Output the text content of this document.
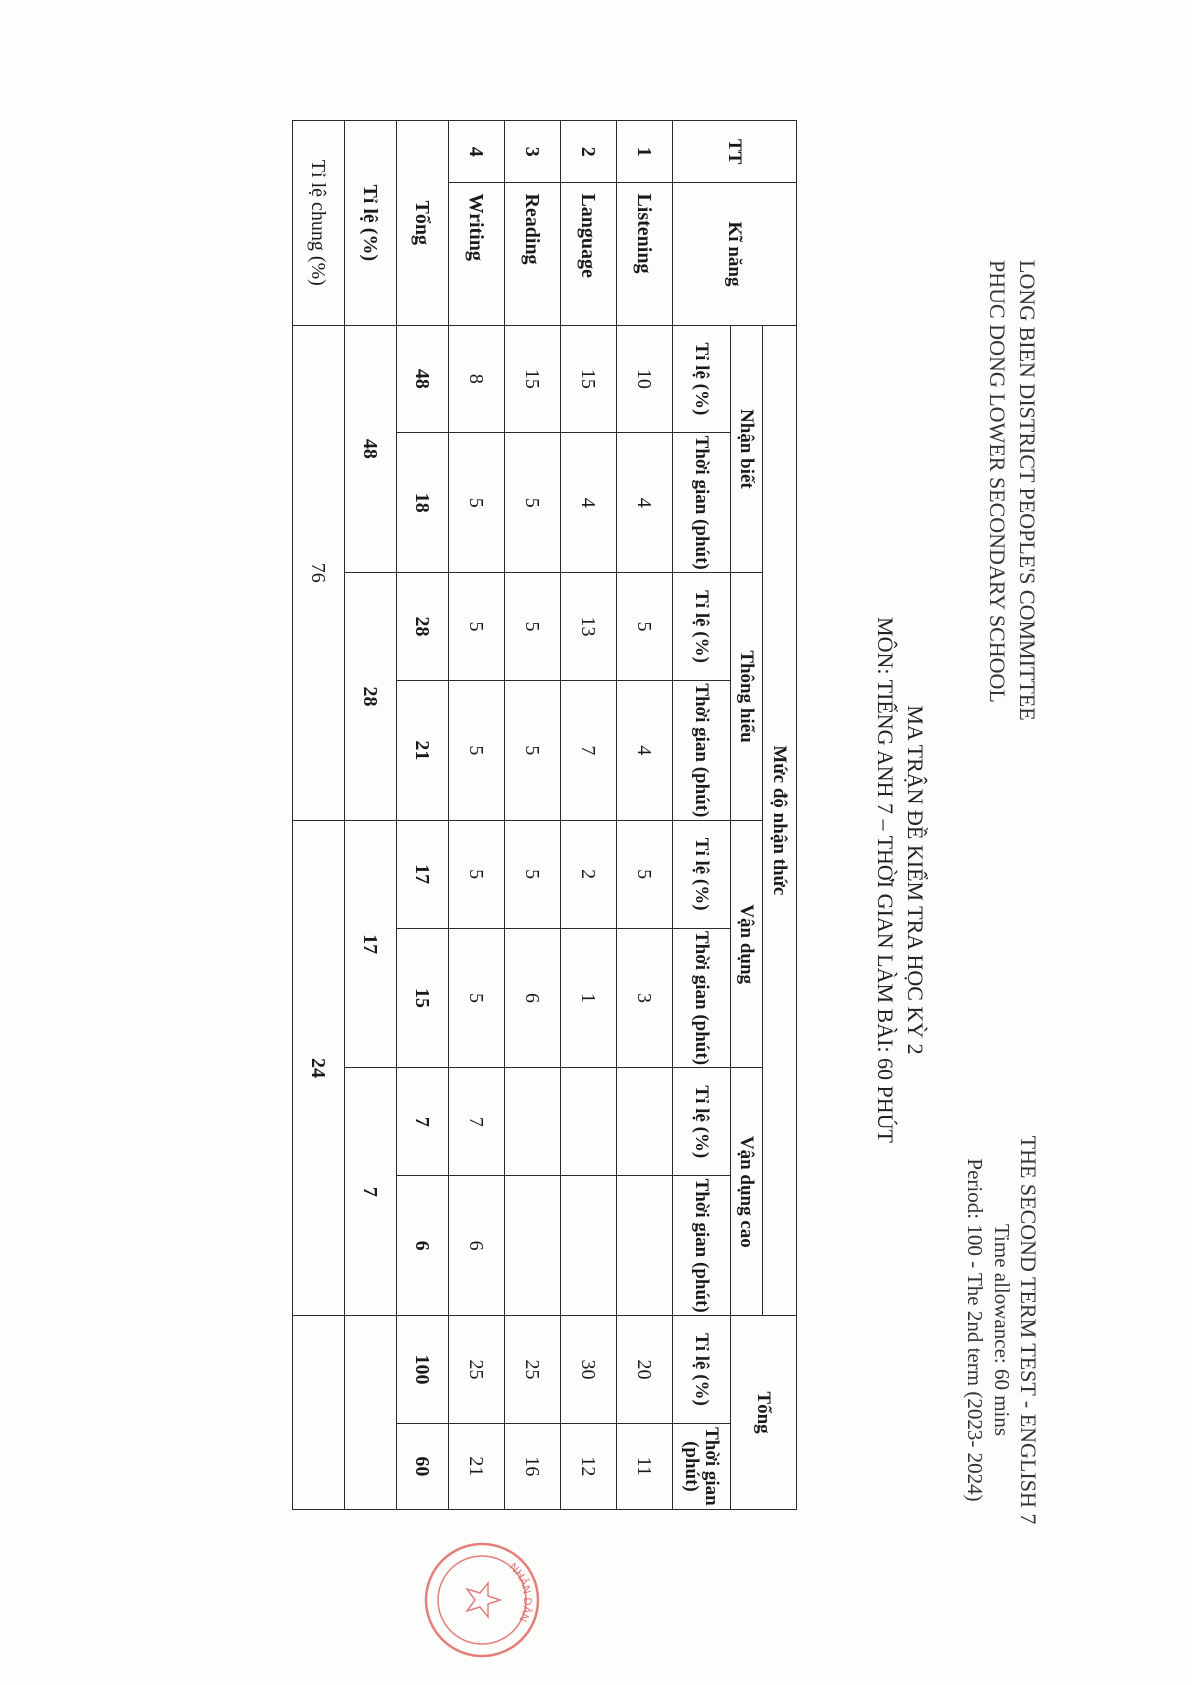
LONG BIEN DISTRICT PEOPLE'S COMMITTEE
PHUC DONG LOWER SECONDARY SCHOOL
THE SECOND TERM TEST - ENGLISH 7
Time allowance: 60 mins
Period: 100 - The 2nd term (2023- 2024)
MA TRẬN ĐỀ KIỂM TRA HỌC KỲ 2
MÔN: TIẾNG ANH 7 – THỜI GIAN LÀM BÀI: 60 PHÚT
TT	Kĩ năng	Mức độ nhận thức								Tổng	
		Nhận biết		Thông hiểu		Vận dụng		Vận dụng cao			
		Tỉ lệ (%)	Thời gian (phút)	Tỉ lệ (%)	Thời gian (phút)	Tỉ lệ (%)	Thời gian (phút)	Tỉ lệ (%)	Thời gian (phút)	Tỉ lệ (%)	Thời gian (phút)
1	Listening	10	4	5	4	5	3			20	11
2	Language	15	4	13	7	2	1			30	12
3	Reading	15	5	5	5	5	6			25	16
4	Writing	8	5	5	5	5	5	7	6	25	21
Tổng		48	18	28	21	17	15	7	6	100	60
Tỉ lệ (%)		48		28		17		7			
Tỉ lệ chung (%)		76				24					
NHÂN DÂN
